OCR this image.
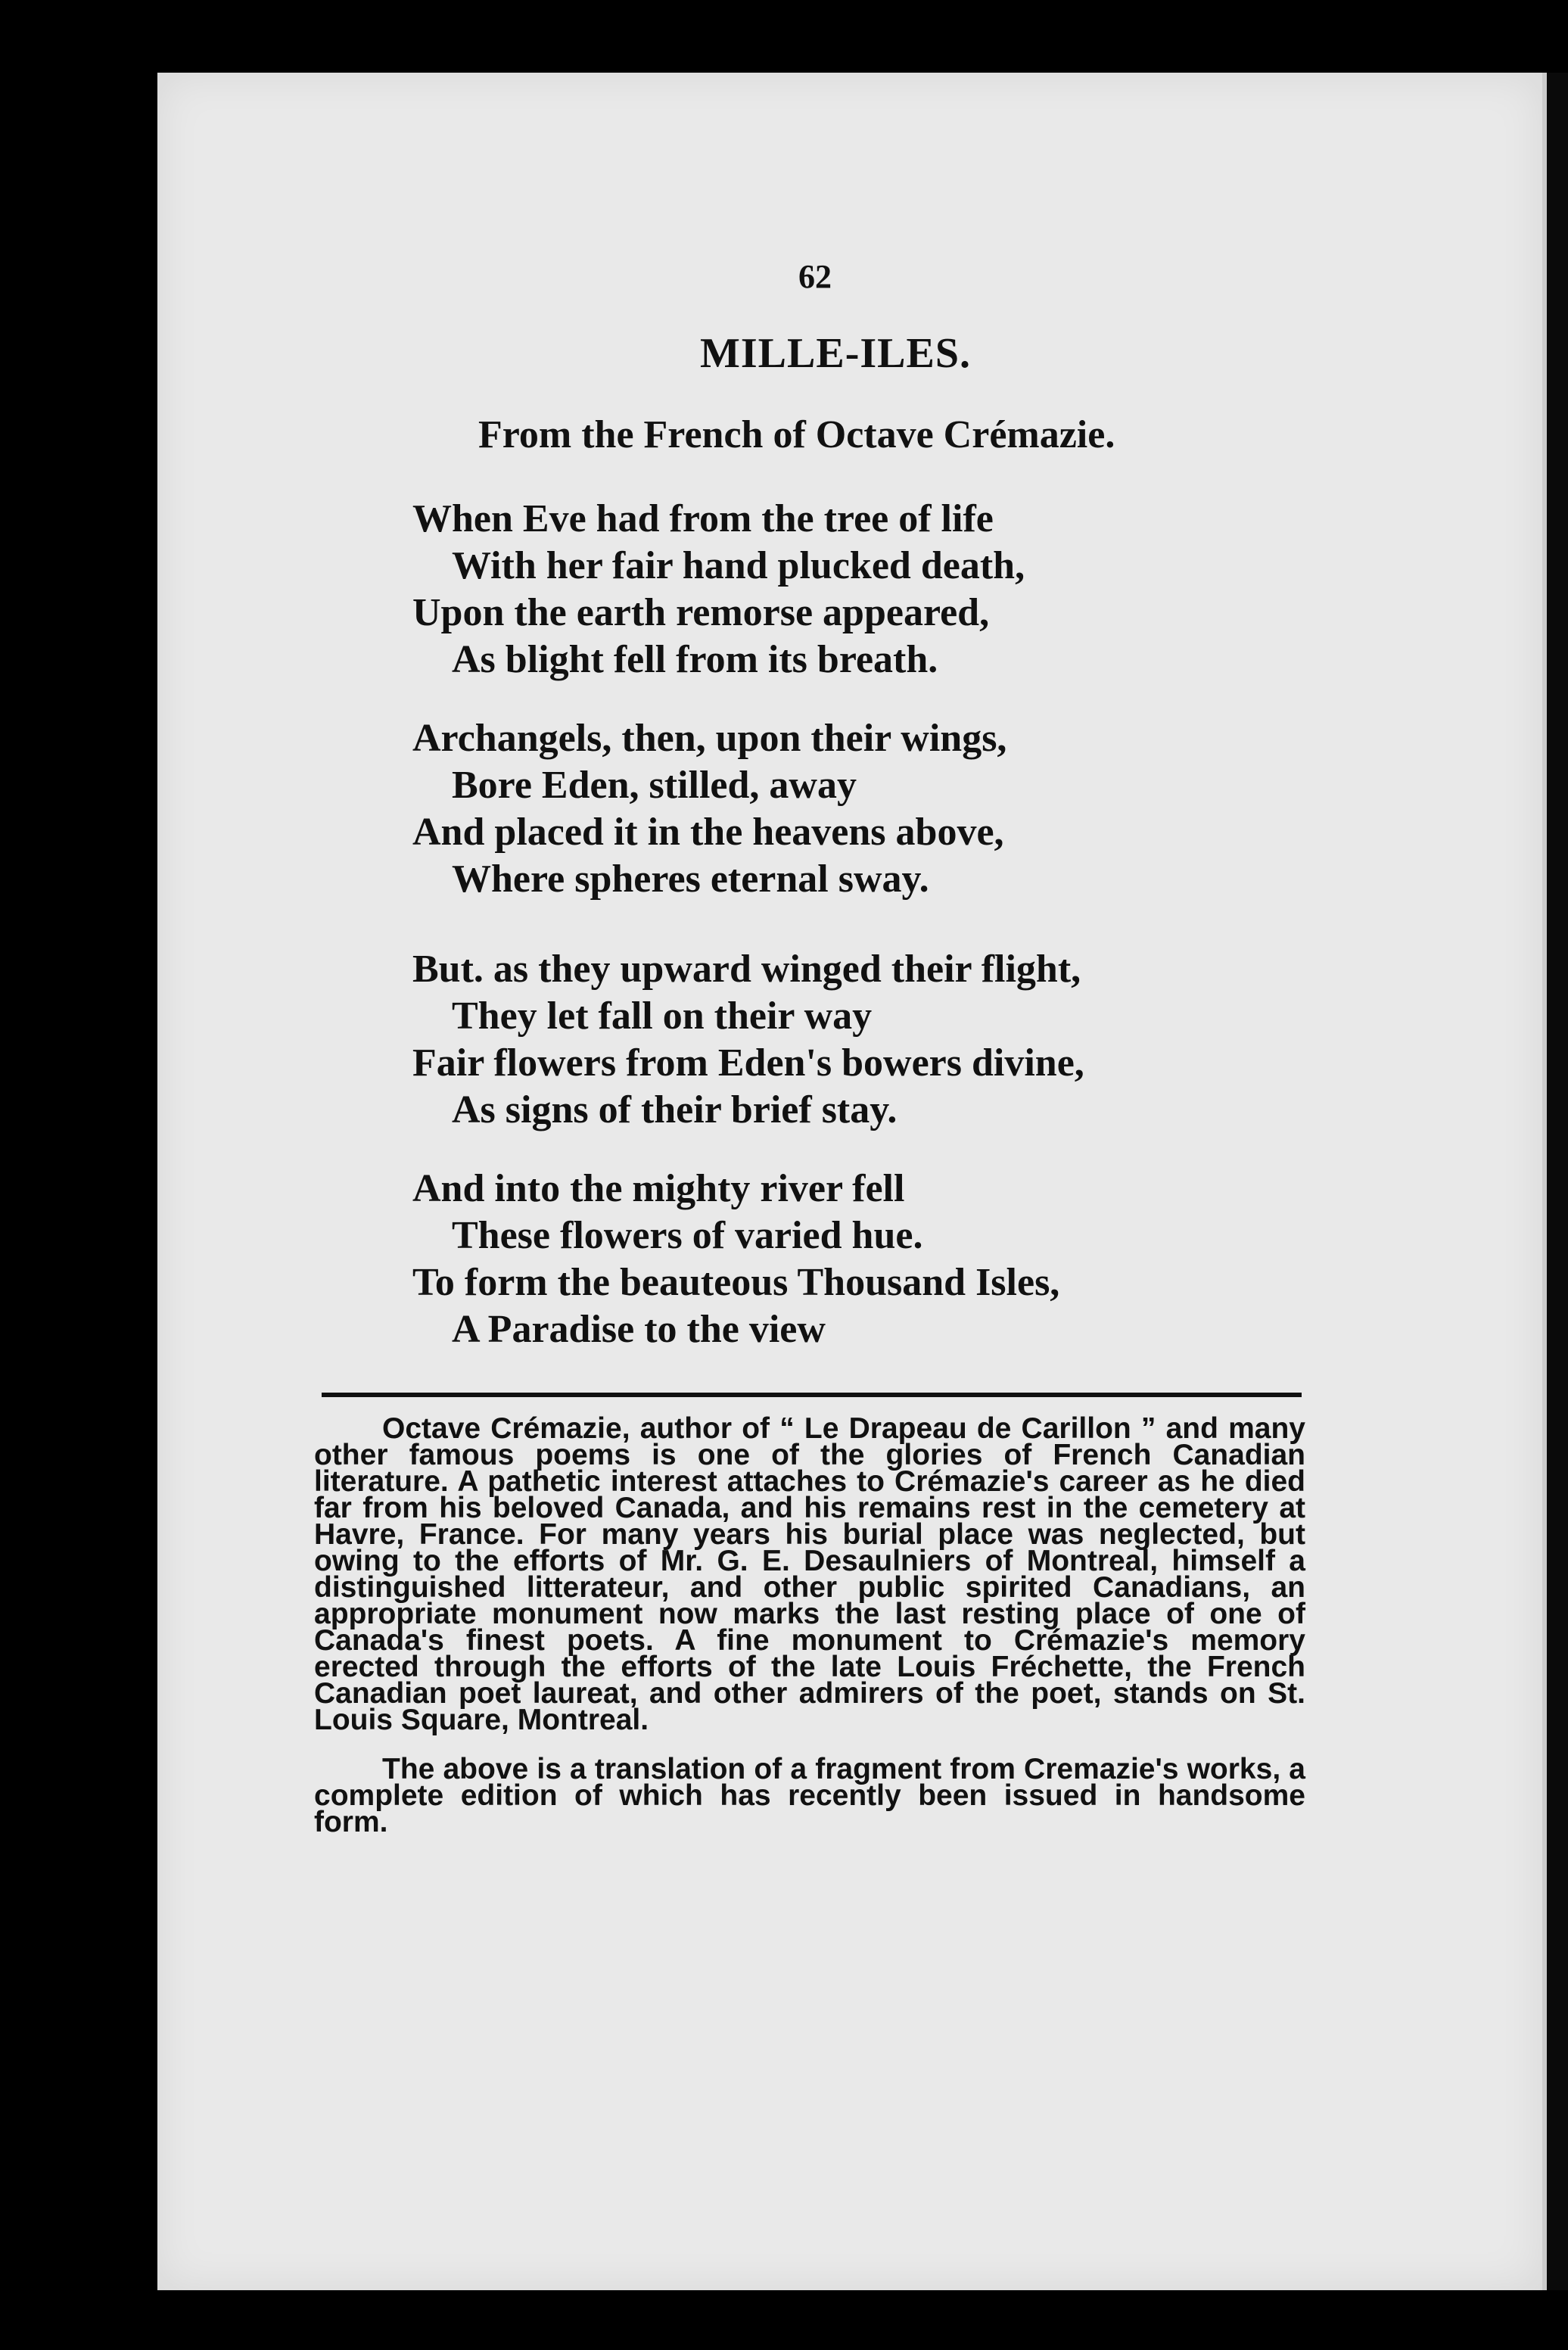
62
MILLE-ILES.
From the French of Octave Crémazie.
When Eve had from the tree of life
With her fair hand plucked death,
Upon the earth remorse appeared,
As blight fell from its breath.
Archangels, then, upon their wings,
Bore Eden, stilled, away
And placed it in the heavens above,
Where spheres eternal sway.
But. as they upward winged their flight,
They let fall on their way
Fair flowers from Eden's bowers divine,
As signs of their brief stay.
And into the mighty river fell
These flowers of varied hue.
To form the beauteous Thousand Isles,
A Paradise to the view

Octave Crémazie, author of “ Le Drapeau de Carillon ” and many other famous poems is one of the glories of French Canadian literature. A pathetic interest attaches to Crémazie's career as he died far from his beloved Canada, and his remains rest in the cemetery at Havre, France. For many years his burial place was neglected, but owing to the efforts of Mr. G. E. Desaulniers of Montreal, himself a distinguished litterateur, and other public spirited Canadians, an appropriate monument now marks the last resting place of one of Canada's finest poets. A fine monument to Crémazie's memory erected through the efforts of the late Louis Fréchette, the French Canadian poet laureat, and other admirers of the poet, stands on St. Louis Square, Montreal.

The above is a translation of a fragment from Cremazie's works, a complete edition of which has recently been issued in handsome form.
